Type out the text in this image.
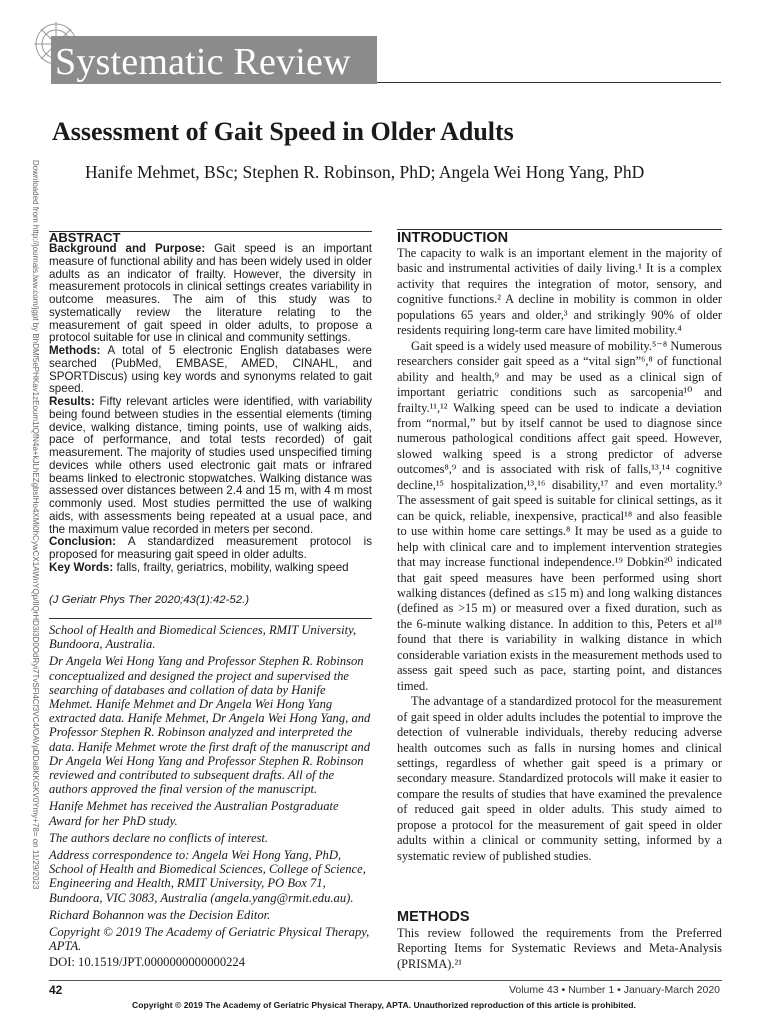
Systematic Review
Assessment of Gait Speed in Older Adults
Hanife Mehmet, BSc; Stephen R. Robinson, PhD; Angela Wei Hong Yang, PhD
Downloaded from http://journals.lww.com/jgpt by BhDMf5ePHKav1zEoum1tQfN4a+kJLhEZgbsIHo4XMi0hCywCX1AWnYQp/IlQrHD3i3D0OdRyi7TvSFl4Cf3VC4/OAVpDDa8KKGKV0Ymy+78= on 11/29/2023 ABSTRACT

Background and Purpose: Gait speed is an important measure of functional ability and has been widely used in older adults as an indicator of frailty. However, the diversity in measurement protocols in clinical settings creates variability in outcome measures. The aim of this study was to systematically review the literature relating to the measurement of gait speed in older adults, to propose a protocol suitable for use in clinical and community settings.

Methods: A total of 5 electronic English databases were searched (PubMed, EMBASE, AMED, CINAHL, and SPORTDiscus) using key words and synonyms related to gait speed.

Results: Fifty relevant articles were identified, with variability being found between studies in the essential elements (timing device, walking distance, timing points, use of walking aids, pace of performance, and total tests recorded) of gait measurement. The majority of studies used unspecified timing devices while others used electronic gait mats or infrared beams linked to electronic stopwatches. Walking distance was assessed over distances between 2.4 and 15 m, with 4 m most commonly used. Most studies permitted the use of walking aids, with assessments being repeated at a usual pace, and the maximum value recorded in meters per second.

Conclusion: A standardized measurement protocol is proposed for measuring gait speed in older adults.

Key Words: falls, frailty, geriatrics, mobility, walking speed

(J Geriatr Phys Ther 2020;43(1):42-52.)

School of Health and Biomedical Sciences, RMIT University, Bundoora, Australia.

Dr Angela Wei Hong Yang and Professor Stephen R. Robinson conceptualized and designed the project and supervised the searching of databases and collation of data by Hanife Mehmet. Hanife Mehmet and Dr Angela Wei Hong Yang extracted data. Hanife Mehmet, Dr Angela Wei Hong Yang, and Professor Stephen R. Robinson analyzed and interpreted the data. Hanife Mehmet wrote the first draft of the manuscript and Dr Angela Wei Hong Yang and Professor Stephen R. Robinson reviewed and contributed to subsequent drafts. All of the authors approved the final version of the manuscript.

Hanife Mehmet has received the Australian Postgraduate Award for her PhD study.

The authors declare no conflicts of interest.

Address correspondence to: Angela Wei Hong Yang, PhD, School of Health and Biomedical Sciences, College of Science, Engineering and Health, RMIT University, PO Box 71, Bundoora, VIC 3083, Australia (angela.yang@rmit.edu.au).

Richard Bohannon was the Decision Editor.

Copyright © 2019 The Academy of Geriatric Physical Therapy, APTA.

DOI: 10.1519/JPT.0000000000000224
INTRODUCTION

The capacity to walk is an important element in the majority of basic and instrumental activities of daily living.¹ It is a complex activity that requires the integration of motor, sensory, and cognitive functions.² A decline in mobility is common in older populations 65 years and older,³ and strikingly 90% of older residents requiring long-term care have limited mobility.⁴

Gait speed is a widely used measure of mobility.⁵⁻⁸ Numerous researchers consider gait speed as a “vital sign”⁶,⁸ of functional ability and health,⁹ and may be used as a clinical sign of important geriatric conditions such as sarcopenia¹⁰ and frailty.¹¹,¹² Walking speed can be used to indicate a deviation from “normal,” but by itself cannot be used to diagnose since numerous pathological conditions affect gait speed. However, slowed walking speed is a strong predictor of adverse outcomes⁸,⁹ and is associated with risk of falls,¹³,¹⁴ cognitive decline,¹⁵ hospitalization,¹³,¹⁶ disability,¹⁷ and even mortality.⁹ The assessment of gait speed is suitable for clinical settings, as it can be quick, reliable, inexpensive, practical¹⁸ and also feasible to use within home care settings.⁸ It may be used as a guide to help with clinical care and to implement intervention strategies that may increase functional independence.¹⁹ Dobkin²⁰ indicated that gait speed measures have been performed using short walking distances (defined as ≤15 m) and long walking distances (defined as >15 m) or measured over a fixed duration, such as the 6-minute walking distance. In addition to this, Peters et al¹⁸ found that there is variability in walking distance in which considerable variation exists in the measurement methods used to assess gait speed such as pace, starting point, and distances timed.

The advantage of a standardized protocol for the measurement of gait speed in older adults includes the potential to improve the detection of vulnerable individuals, thereby reducing adverse health outcomes such as falls in nursing homes and clinical settings, regardless of whether gait speed is a primary or secondary measure. Standardized protocols will make it easier to compare the results of studies that have examined the prevalence of reduced gait speed in older adults. This study aimed to propose a protocol for the measurement of gait speed in older adults within a clinical or community setting, informed by a systematic review of published studies.

METHODS

This review followed the requirements from the Preferred Reporting Items for Systematic Reviews and Meta-Analysis (PRISMA).²¹

42	Volume 43 • Number 1 • January-March 2020
Copyright © 2019 The Academy of Geriatric Physical Therapy, APTA. Unauthorized reproduction of this article is prohibited.
